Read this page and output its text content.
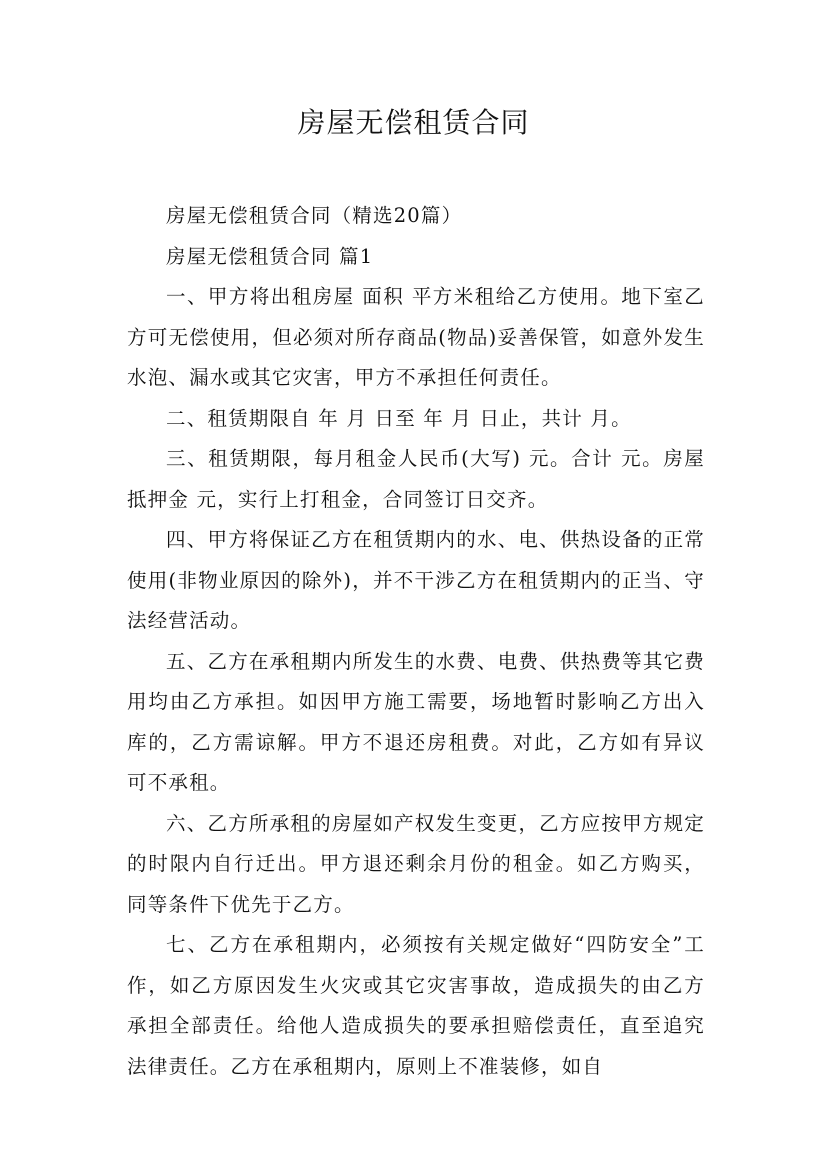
房屋无偿租赁合同

房屋无偿租赁合同（精选20篇）

房屋无偿租赁合同 篇1

一、甲方将出租房屋 面积 平方米租给乙方使用。地下室乙方可无偿使用，但必须对所存商品(物品)妥善保管，如意外发生水泡、漏水或其它灾害，甲方不承担任何责任。

二、租赁期限自 年 月 日至 年 月 日止，共计 月。

三、租赁期限，每月租金人民币(大写) 元。合计 元。房屋抵押金 元，实行上打租金，合同签订日交齐。

四、甲方将保证乙方在租赁期内的水、电、供热设备的正常使用(非物业原因的除外)，并不干涉乙方在租赁期内的正当、守法经营活动。

五、乙方在承租期内所发生的水费、电费、供热费等其它费用均由乙方承担。如因甲方施工需要，场地暂时影响乙方出入库的，乙方需谅解。甲方不退还房租费。对此，乙方如有异议可不承租。

六、乙方所承租的房屋如产权发生变更，乙方应按甲方规定的时限内自行迁出。甲方退还剩余月份的租金。如乙方购买，同等条件下优先于乙方。

七、乙方在承租期内，必须按有关规定做好“四防安全”工作，如乙方原因发生火灾或其它灾害事故，造成损失的由乙方承担全部责任。给他人造成损失的要承担赔偿责任，直至追究法律责任。乙方在承租期内，原则上不准装修，如自
